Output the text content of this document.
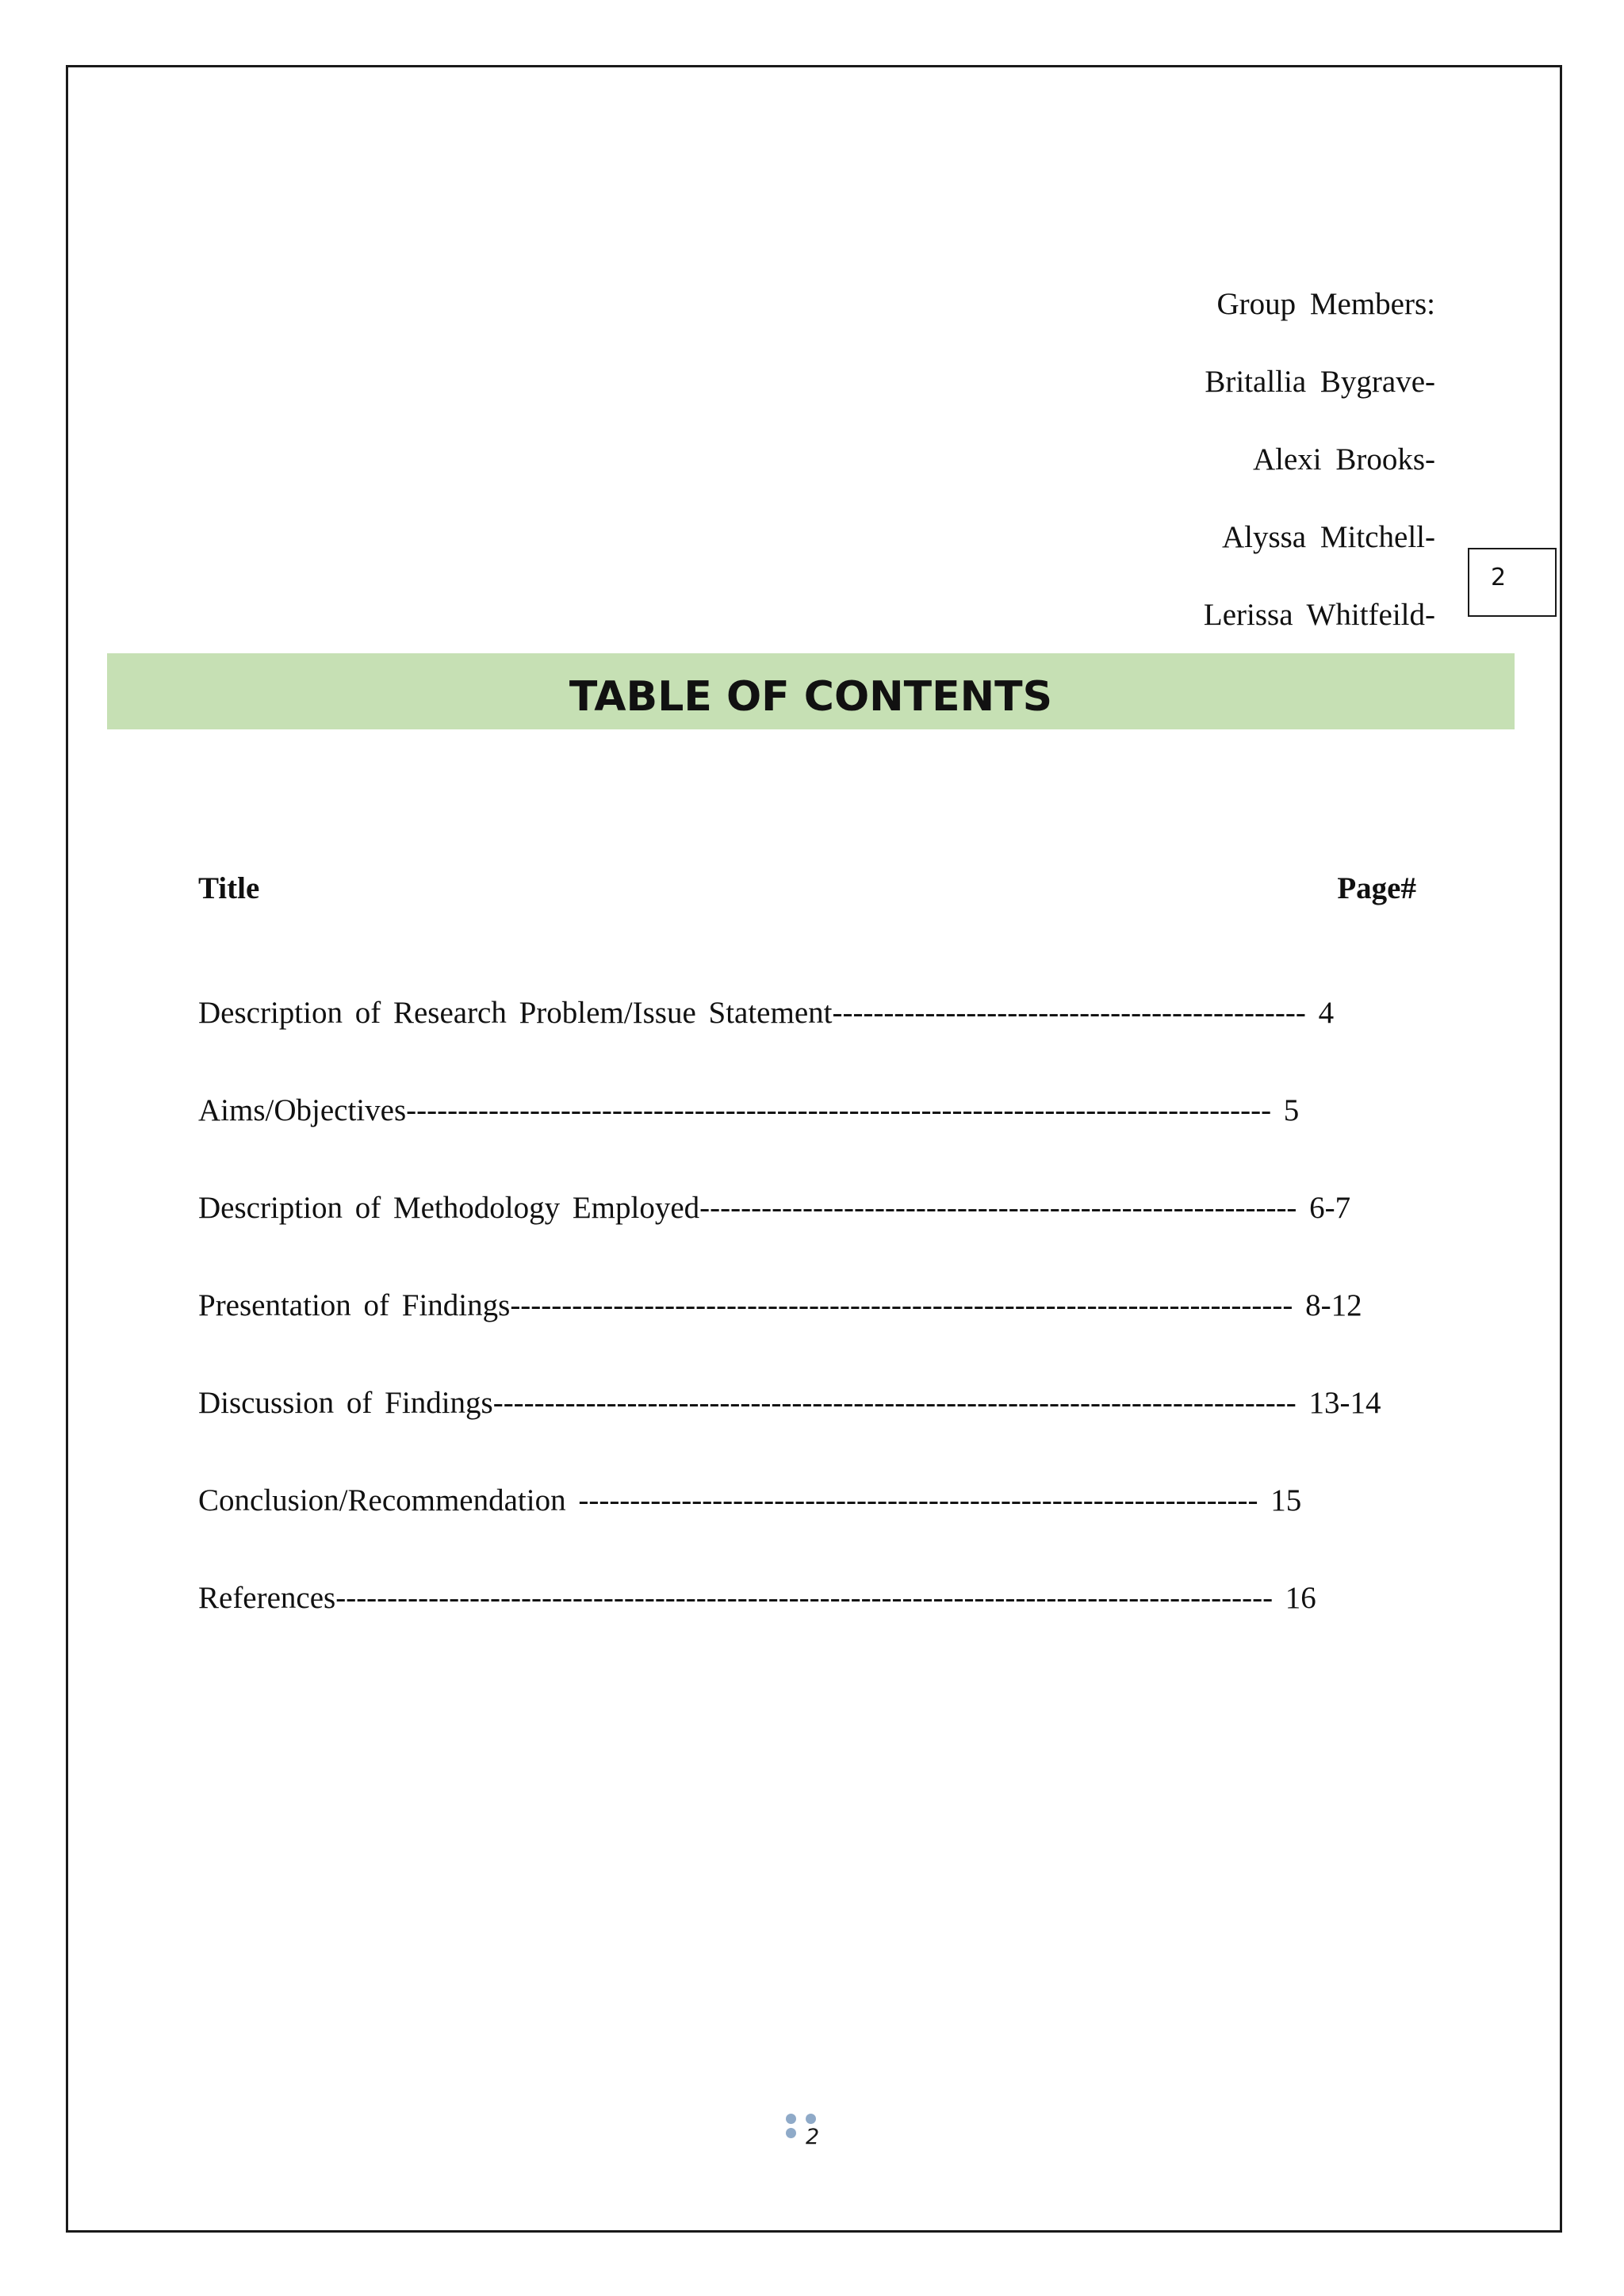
Group Members:
Britallia Bygrave-
Alexi Brooks-
Alyssa Mitchell-
Lerissa Whitfeild-
2
TABLE OF CONTENTS
Title	Page#
Description of Research Problem/Issue Statement---------------------------------------------- 4
Aims/Objectives------------------------------------------------------------------------------------ 5
Description of Methodology Employed---------------------------------------------------------- 6-7
Presentation of Findings---------------------------------------------------------------------------- 8-12
Discussion of Findings------------------------------------------------------------------------------ 13-14
Conclusion/Recommendation ------------------------------------------------------------------ 15
References------------------------------------------------------------------------------------------- 16
2
